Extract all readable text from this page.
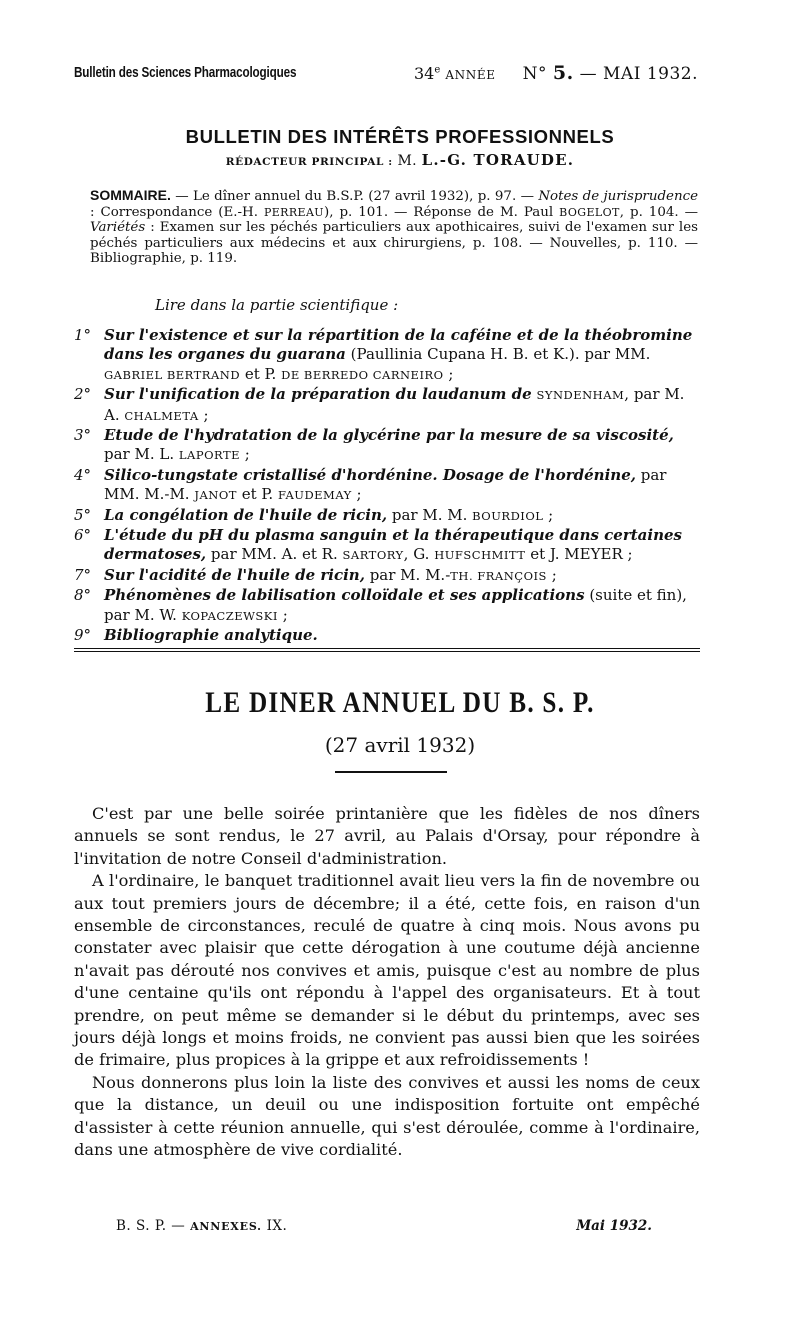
Bulletin des Sciences Pharmacologiques	34e ANNÉE N° 5. — MAI 1932.
BULLETIN DES INTÉRÊTS PROFESSIONNELS
RÉDACTEUR PRINCIPAL : M. L.-G. TORAUDE.
SOMMAIRE. — Le dîner annuel du B.S.P. (27 avril 1932), p. 97. — Notes de jurisprudence : Correspondance (E.-H. PERREAU), p. 101. — Réponse de M. Paul BOGELOT, p. 104. — Variétés : Examen sur les péchés particuliers aux apothicaires, suivi de l'examen sur les péchés particuliers aux médecins et aux chirurgiens, p. 108. — Nouvelles, p. 110. — Bibliographie, p. 119.
Lire dans la partie scientifique :
1° Sur l'existence et sur la répartition de la caféine et de la théobromine dans les organes du guarana (Paullinia Cupana H. B. et K.). par MM. GABRIEL BERTRAND et P. DE BERREDO CARNEIRO ;
2° Sur l'unification de la préparation du laudanum de SYNDENHAM, par M. A. CHALMETA ;
3° Etude de l'hydratation de la glycérine par la mesure de sa viscosité, par M. L. LAPORTE ;
4° Silico-tungstate cristallisé d'hordénine. Dosage de l'hordénine, par MM. M.-M. JANOT et P. FAUDEMAY ;
5° La congélation de l'huile de ricin, par M. M. BOURDIOL ;
6° L'étude du pH du plasma sanguin et la thérapeutique dans certaines dermatoses, par MM. A. et R. SARTORY, G. HUFSCHMITT et J. MEYER ;
7° Sur l'acidité de l'huile de ricin, par M. M.-TH. FRANÇOIS ;
8° Phénomènes de labilisation colloïdale et ses applications (suite et fin), par M. W. KOPACZEWSKI ;
9° Bibliographie analytique.
LE DINER ANNUEL DU B. S. P.
(27 avril 1932)

C'est par une belle soirée printanière que les fidèles de nos dîners annuels se sont rendus, le 27 avril, au Palais d'Orsay, pour répondre à l'invitation de notre Conseil d'administration.

A l'ordinaire, le banquet traditionnel avait lieu vers la fin de novembre ou aux tout premiers jours de décembre; il a été, cette fois, en raison d'un ensemble de circonstances, reculé de quatre à cinq mois. Nous avons pu constater avec plaisir que cette dérogation à une coutume déjà ancienne n'avait pas dérouté nos convives et amis, puisque c'est au nombre de plus d'une centaine qu'ils ont répondu à l'appel des organisateurs. Et à tout prendre, on peut même se demander si le début du printemps, avec ses jours déjà longs et moins froids, ne convient pas aussi bien que les soirées de frimaire, plus propices à la grippe et aux refroidissements !

Nous donnerons plus loin la liste des convives et aussi les noms de ceux que la distance, un deuil ou une indisposition fortuite ont empêché d'assister à cette réunion annuelle, qui s'est déroulée, comme à l'ordinaire, dans une atmosphère de vive cordialité.

B. S. P. — ANNEXES. IX.	Mai 1932.
